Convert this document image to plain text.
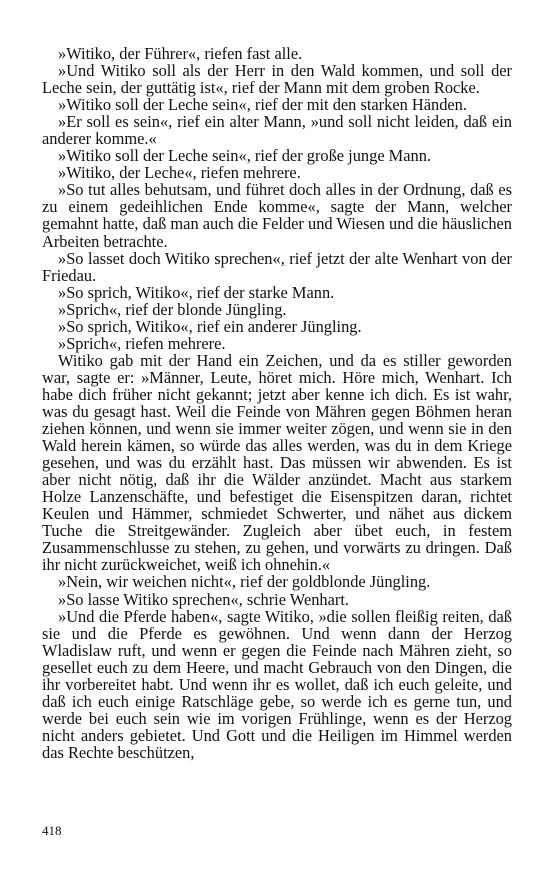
»Witiko, der Führer«, riefen fast alle.

»Und Witiko soll als der Herr in den Wald kommen, und soll der Leche sein, der guttätig ist«, rief der Mann mit dem groben Rocke.

»Witiko soll der Leche sein«, rief der mit den starken Händen.

»Er soll es sein«, rief ein alter Mann, »und soll nicht leiden, daß ein anderer komme.«

»Witiko soll der Leche sein«, rief der große junge Mann.

»Witiko, der Leche«, riefen mehrere.

»So tut alles behutsam, und führet doch alles in der Ordnung, daß es zu einem gedeihlichen Ende komme«, sagte der Mann, welcher gemahnt hatte, daß man auch die Felder und Wiesen und die häuslichen Arbeiten betrachte.

»So lasset doch Witiko sprechen«, rief jetzt der alte Wenhart von der Friedau.

»So sprich, Witiko«, rief der starke Mann.

»Sprich«, rief der blonde Jüngling.

»So sprich, Witiko«, rief ein anderer Jüngling.

»Sprich«, riefen mehrere.

Witiko gab mit der Hand ein Zeichen, und da es stiller geworden war, sagte er: »Männer, Leute, höret mich. Höre mich, Wenhart. Ich habe dich früher nicht gekannt; jetzt aber kenne ich dich. Es ist wahr, was du gesagt hast. Weil die Feinde von Mähren gegen Böhmen heran ziehen können, und wenn sie immer weiter zögen, und wenn sie in den Wald herein kämen, so würde das alles werden, was du in dem Kriege gesehen, und was du erzählt hast. Das müssen wir abwenden. Es ist aber nicht nötig, daß ihr die Wälder anzündet. Macht aus starkem Holze Lanzenschäfte, und befestiget die Eisenspitzen daran, richtet Keulen und Hämmer, schmiedet Schwerter, und nähet aus dickem Tuche die Streitgewänder. Zugleich aber übet euch, in festem Zusammenschlusse zu stehen, zu gehen, und vorwärts zu dringen. Daß ihr nicht zurückweichet, weiß ich ohnehin.«

»Nein, wir weichen nicht«, rief der goldblonde Jüngling.

»So lasse Witiko sprechen«, schrie Wenhart.

»Und die Pferde haben«, sagte Witiko, »die sollen fleißig reiten, daß sie und die Pferde es gewöhnen. Und wenn dann der Herzog Wladislaw ruft, und wenn er gegen die Feinde nach Mähren zieht, so gesellet euch zu dem Heere, und macht Gebrauch von den Dingen, die ihr vorbereitet habt. Und wenn ihr es wollet, daß ich euch geleite, und daß ich euch einige Ratschläge gebe, so werde ich es gerne tun, und werde bei euch sein wie im vorigen Frühlinge, wenn es der Herzog nicht anders gebietet. Und Gott und die Heiligen im Himmel werden das Rechte beschützen,

418
